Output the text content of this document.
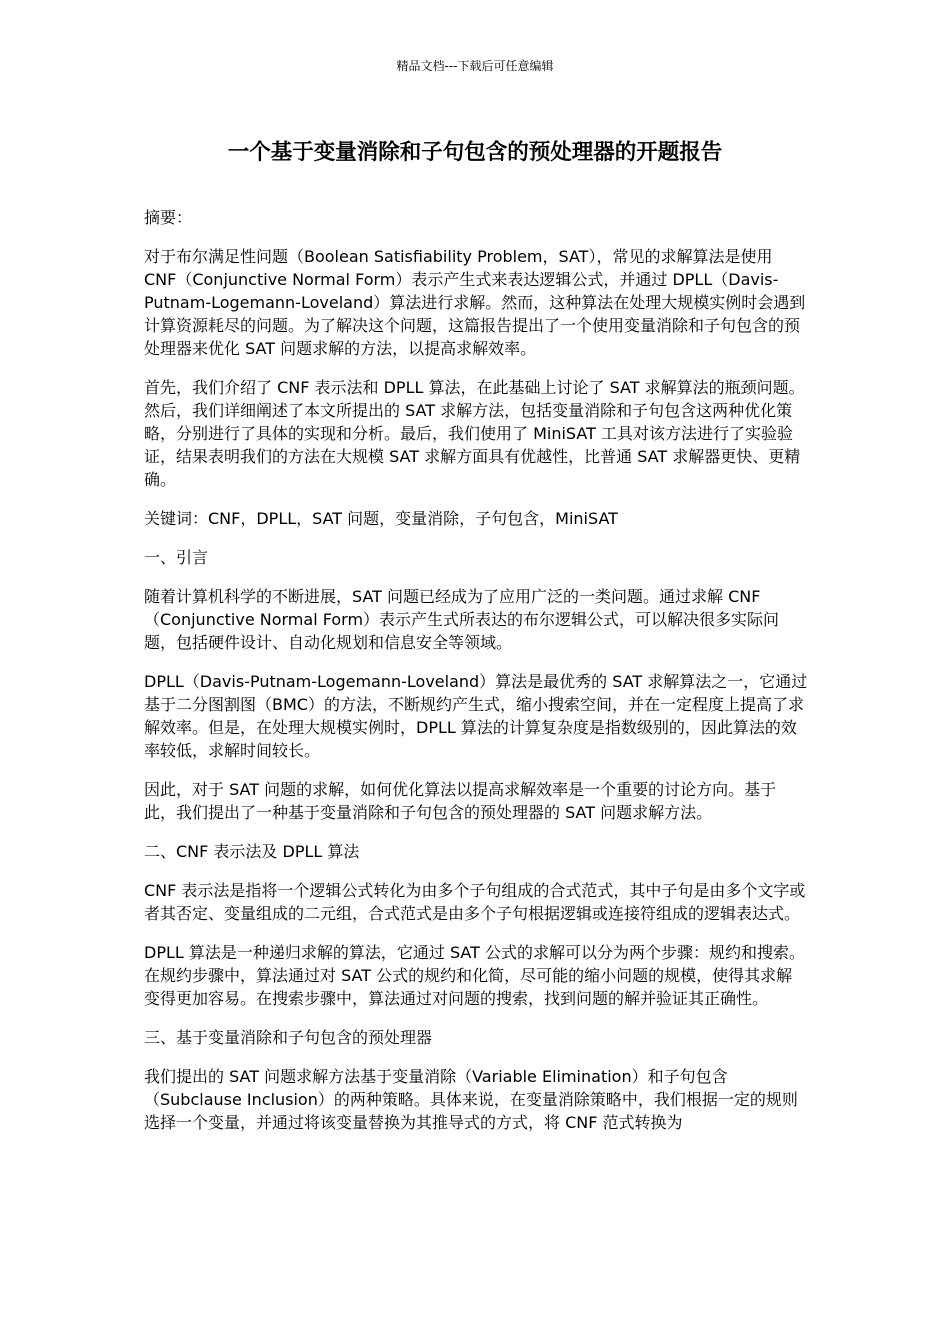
精品文档---下载后可任意编辑
一个基于变量消除和子句包含的预处理器的开题报告

摘要：

对于布尔满足性问题（Boolean Satisfiability Problem，SAT），常见的求解算法是使用 CNF（Conjunctive Normal Form）表示产生式来表达逻辑公式，并通过 DPLL（Davis-Putnam-Logemann-Loveland）算法进行求解。然而，这种算法在处理大规模实例时会遇到计算资源耗尽的问题。为了解决这个问题，这篇报告提出了一个使用变量消除和子句包含的预处理器来优化 SAT 问题求解的方法，以提高求解效率。

首先，我们介绍了 CNF 表示法和 DPLL 算法，在此基础上讨论了 SAT 求解算法的瓶颈问题。然后，我们详细阐述了本文所提出的 SAT 求解方法，包括变量消除和子句包含这两种优化策略，分别进行了具体的实现和分析。最后，我们使用了 MiniSAT 工具对该方法进行了实验验证，结果表明我们的方法在大规模 SAT 求解方面具有优越性，比普通 SAT 求解器更快、更精确。

关键词：CNF，DPLL，SAT 问题，变量消除，子句包含，MiniSAT

一、引言

随着计算机科学的不断进展，SAT 问题已经成为了应用广泛的一类问题。通过求解 CNF（Conjunctive Normal Form）表示产生式所表达的布尔逻辑公式，可以解决很多实际问题，包括硬件设计、自动化规划和信息安全等领域。

DPLL（Davis-Putnam-Logemann-Loveland）算法是最优秀的 SAT 求解算法之一，它通过基于二分图割图（BMC）的方法，不断规约产生式，缩小搜索空间，并在一定程度上提高了求解效率。但是，在处理大规模实例时，DPLL 算法的计算复杂度是指数级别的，因此算法的效率较低，求解时间较长。

因此，对于 SAT 问题的求解，如何优化算法以提高求解效率是一个重要的讨论方向。基于此，我们提出了一种基于变量消除和子句包含的预处理器的 SAT 问题求解方法。

二、CNF 表示法及 DPLL 算法

CNF 表示法是指将一个逻辑公式转化为由多个子句组成的合式范式，其中子句是由多个文字或者其否定、变量组成的二元组，合式范式是由多个子句根据逻辑或连接符组成的逻辑表达式。

DPLL 算法是一种递归求解的算法，它通过 SAT 公式的求解可以分为两个步骤：规约和搜索。在规约步骤中，算法通过对 SAT 公式的规约和化简，尽可能的缩小问题的规模，使得其求解变得更加容易。在搜索步骤中，算法通过对问题的搜索，找到问题的解并验证其正确性。

三、基于变量消除和子句包含的预处理器

我们提出的 SAT 问题求解方法基于变量消除（Variable Elimination）和子句包含（Subclause Inclusion）的两种策略。具体来说，在变量消除策略中，我们根据一定的规则选择一个变量，并通过将该变量替换为其推导式的方式，将 CNF 范式转换为
